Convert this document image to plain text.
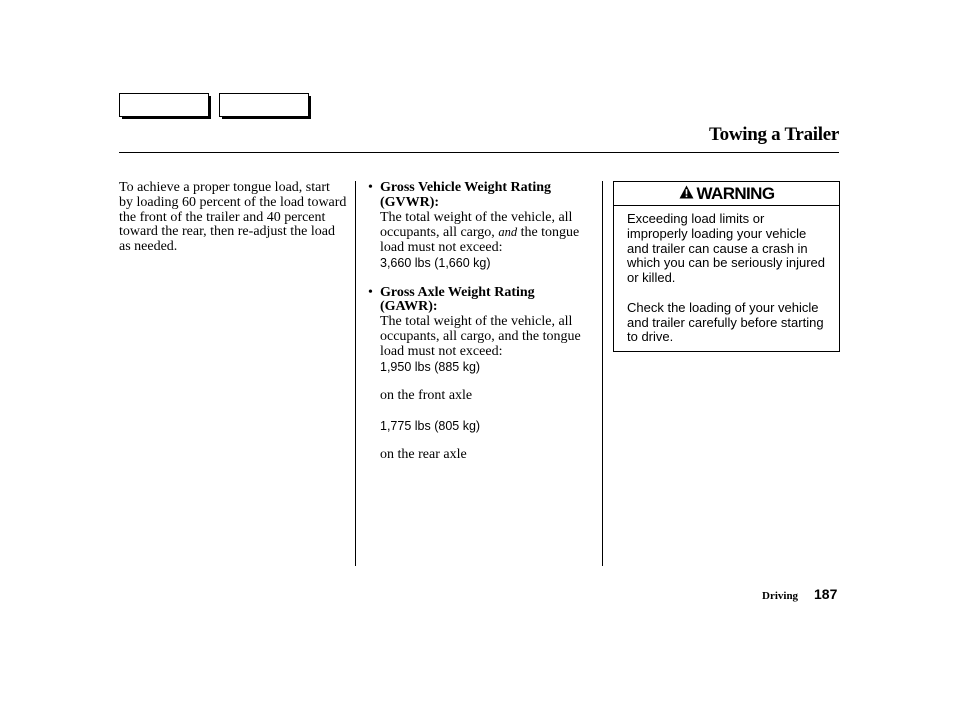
Towing a Trailer
To achieve a proper tongue load, start by loading 60 percent of the load toward the front of the trailer and 40 percent toward the rear, then re-adjust the load as needed.
• Gross Vehicle Weight Rating (GVWR):
The total weight of the vehicle, all occupants, all cargo, and the tongue load must not exceed:
3,660 lbs (1,660 kg)
• Gross Axle Weight Rating (GAWR):
The total weight of the vehicle, all occupants, all cargo, and the tongue load must not exceed:
1,950 lbs (885 kg)
on the front axle
1,775 lbs (805 kg)
on the rear axle
WARNING

Exceeding load limits or improperly loading your vehicle and trailer can cause a crash in which you can be seriously injured or killed.

Check the loading of your vehicle and trailer carefully before starting to drive.

Driving 187
